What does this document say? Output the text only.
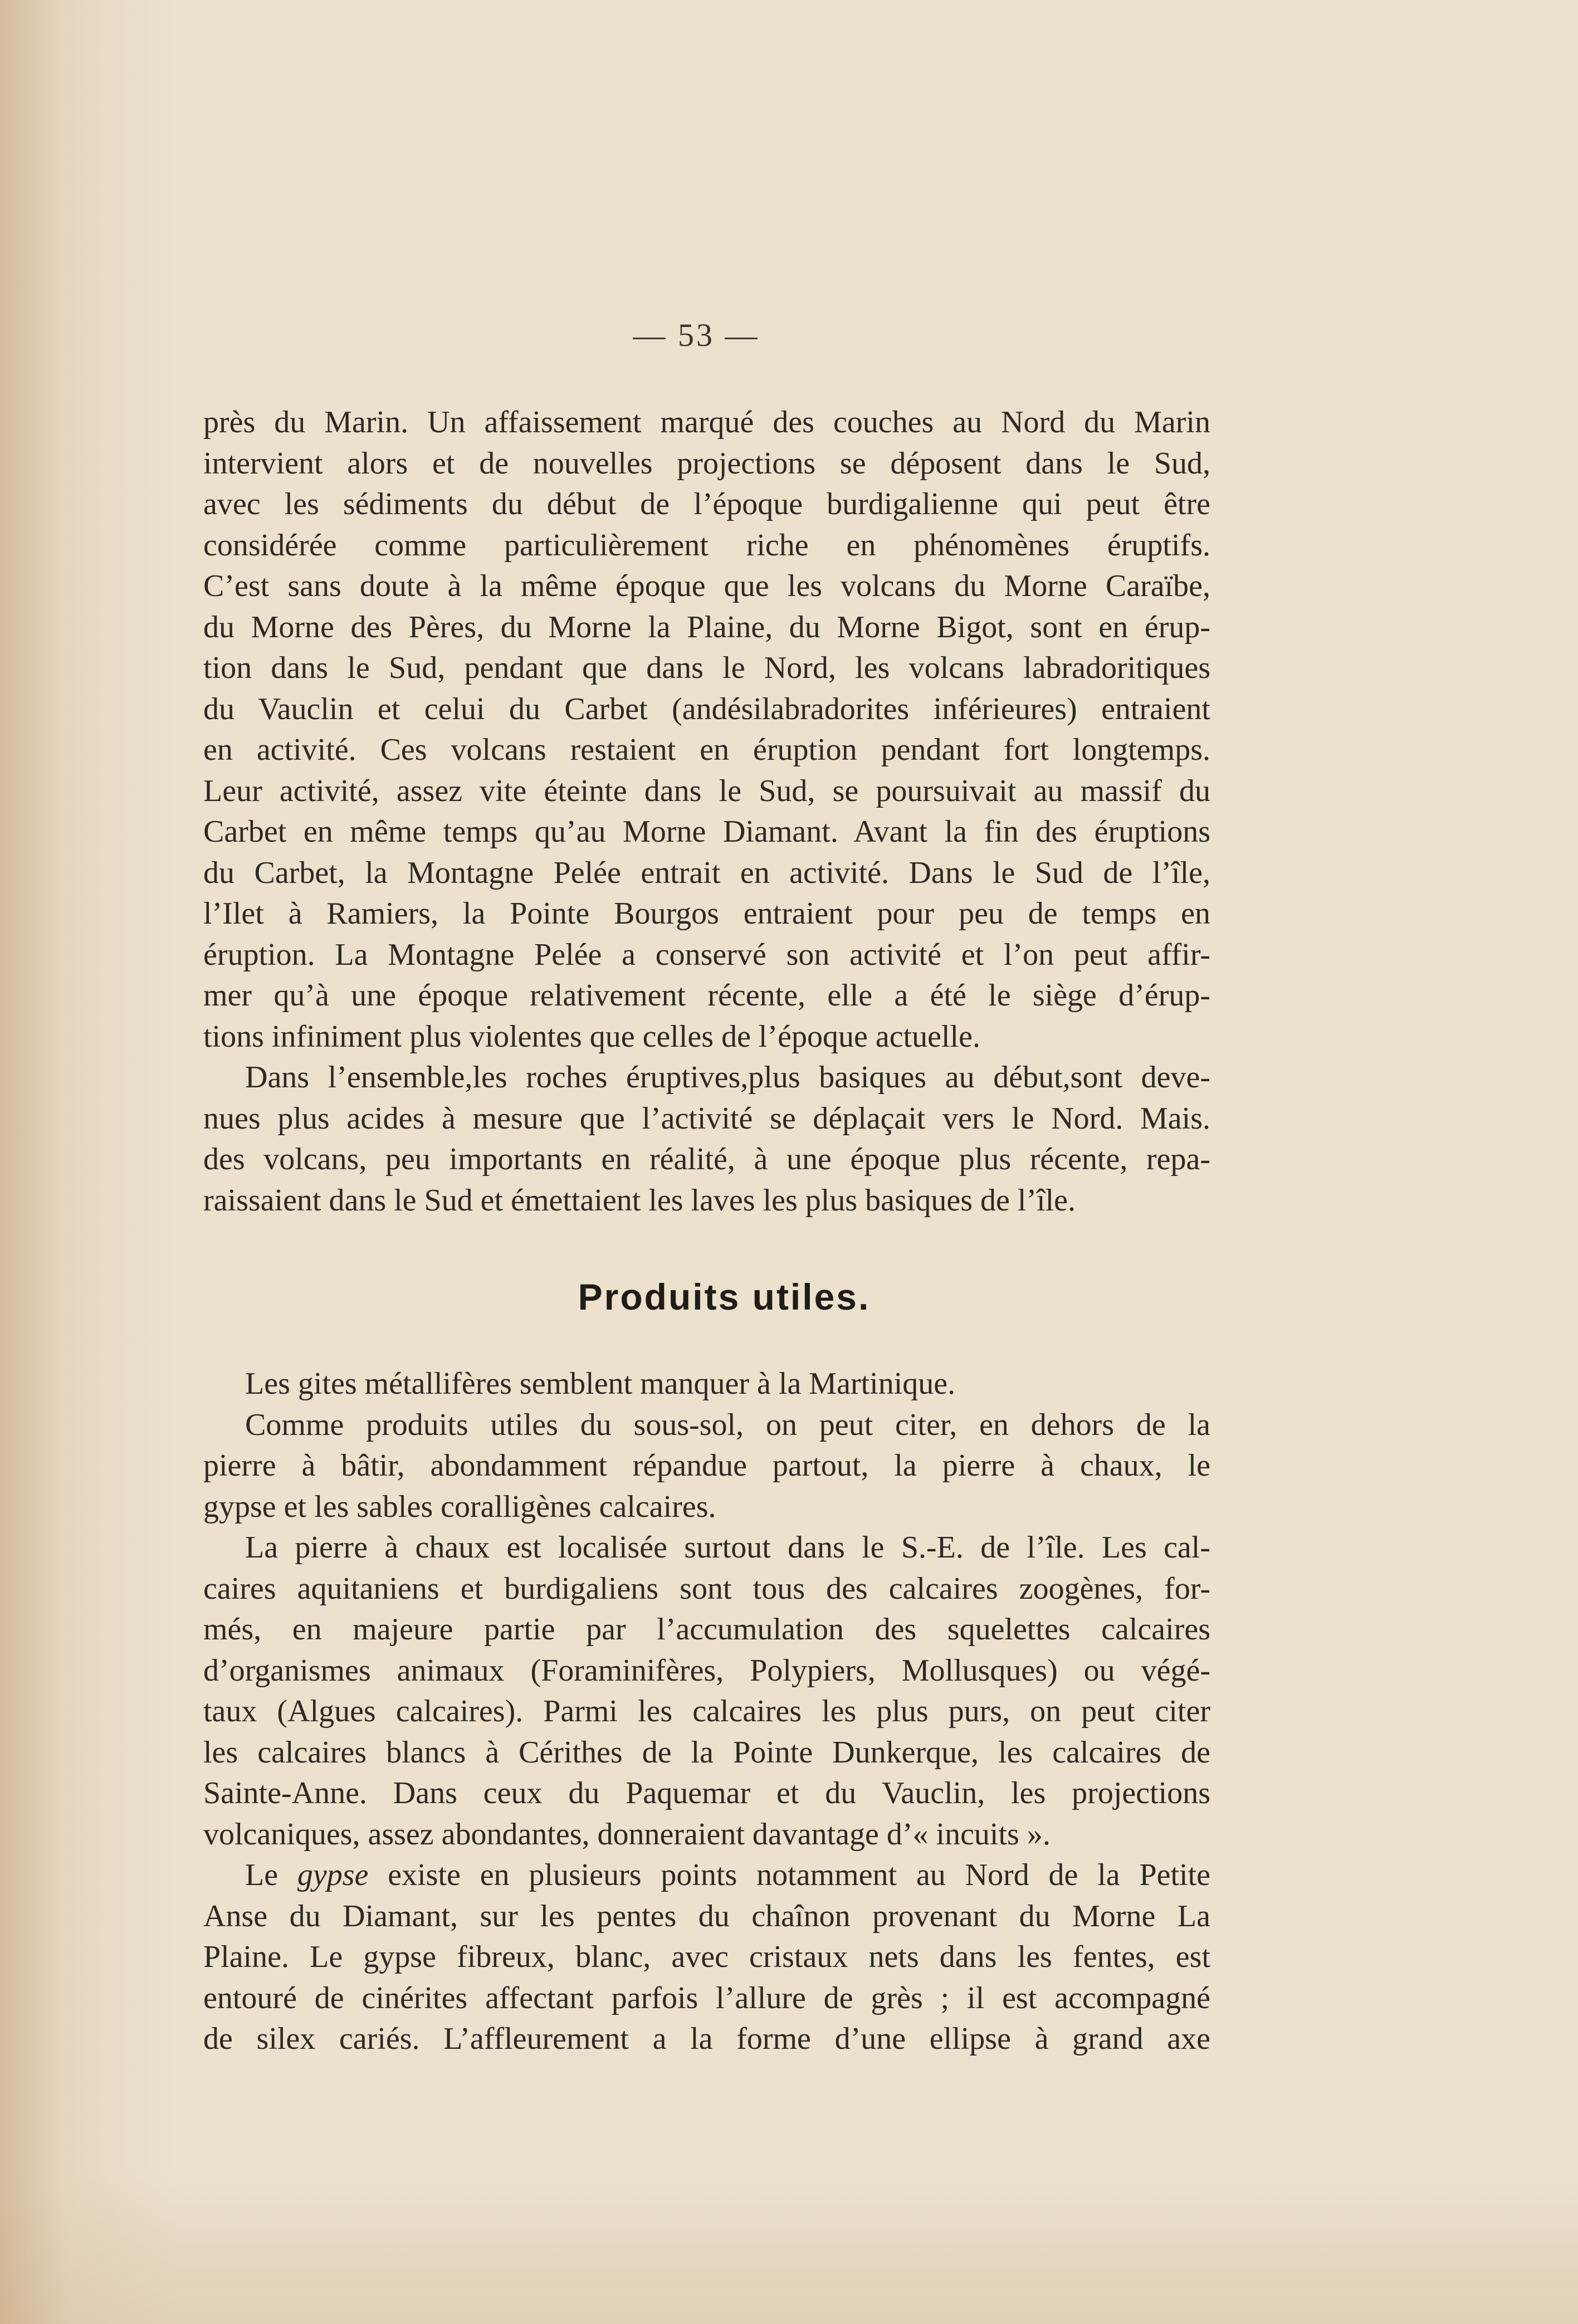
— 53 —
près du Marin. Un affaissement marqué des couches au Nord du Marin
intervient alors et de nouvelles projections se déposent dans le Sud,
avec les sédiments du début de l’époque burdigalienne qui peut être
considérée comme particulièrement riche en phénomènes éruptifs.
C’est sans doute à la même époque que les volcans du Morne Caraïbe,
du Morne des Pères, du Morne la Plaine, du Morne Bigot, sont en érup-
tion dans le Sud, pendant que dans le Nord, les volcans labradoritiques
du Vauclin et celui du Carbet (andésilabradorites inférieures) entraient
en activité. Ces volcans restaient en éruption pendant fort longtemps.
Leur activité, assez vite éteinte dans le Sud, se poursuivait au massif du
Carbet en même temps qu’au Morne Diamant. Avant la fin des éruptions
du Carbet, la Montagne Pelée entrait en activité. Dans le Sud de l’île,
l’Ilet à Ramiers, la Pointe Bourgos entraient pour peu de temps en
éruption. La Montagne Pelée a conservé son activité et l’on peut affir-
mer qu’à une époque relativement récente, elle a été le siège d’érup-
tions infiniment plus violentes que celles de l’époque actuelle.
Dans l’ensemble,les roches éruptives,plus basiques au début,sont deve-
nues plus acides à mesure que l’activité se déplaçait vers le Nord. Mais.
des volcans, peu importants en réalité, à une époque plus récente, repa-
raissaient dans le Sud et émettaient les laves les plus basiques de l’île.
Produits utiles.
Les gites métallifères semblent manquer à la Martinique.
Comme produits utiles du sous-sol, on peut citer, en dehors de la
pierre à bâtir, abondamment répandue partout, la pierre à chaux, le
gypse et les sables coralligènes calcaires.
La pierre à chaux est localisée surtout dans le S.-E. de l’île. Les cal-
caires aquitaniens et burdigaliens sont tous des calcaires zoogènes, for-
més, en majeure partie par l’accumulation des squelettes calcaires
d’organismes animaux (Foraminifères, Polypiers, Mollusques) ou végé-
taux (Algues calcaires). Parmi les calcaires les plus purs, on peut citer
les calcaires blancs à Cérithes de la Pointe Dunkerque, les calcaires de
Sainte-Anne. Dans ceux du Paquemar et du Vauclin, les projections
volcaniques, assez abondantes, donneraient davantage d’« incuits ».
Le gypse existe en plusieurs points notamment au Nord de la Petite
Anse du Diamant, sur les pentes du chaînon provenant du Morne La
Plaine. Le gypse fibreux, blanc, avec cristaux nets dans les fentes, est
entouré de cinérites affectant parfois l’allure de grès ; il est accompagné
de silex cariés. L’affleurement a la forme d’une ellipse à grand axe
